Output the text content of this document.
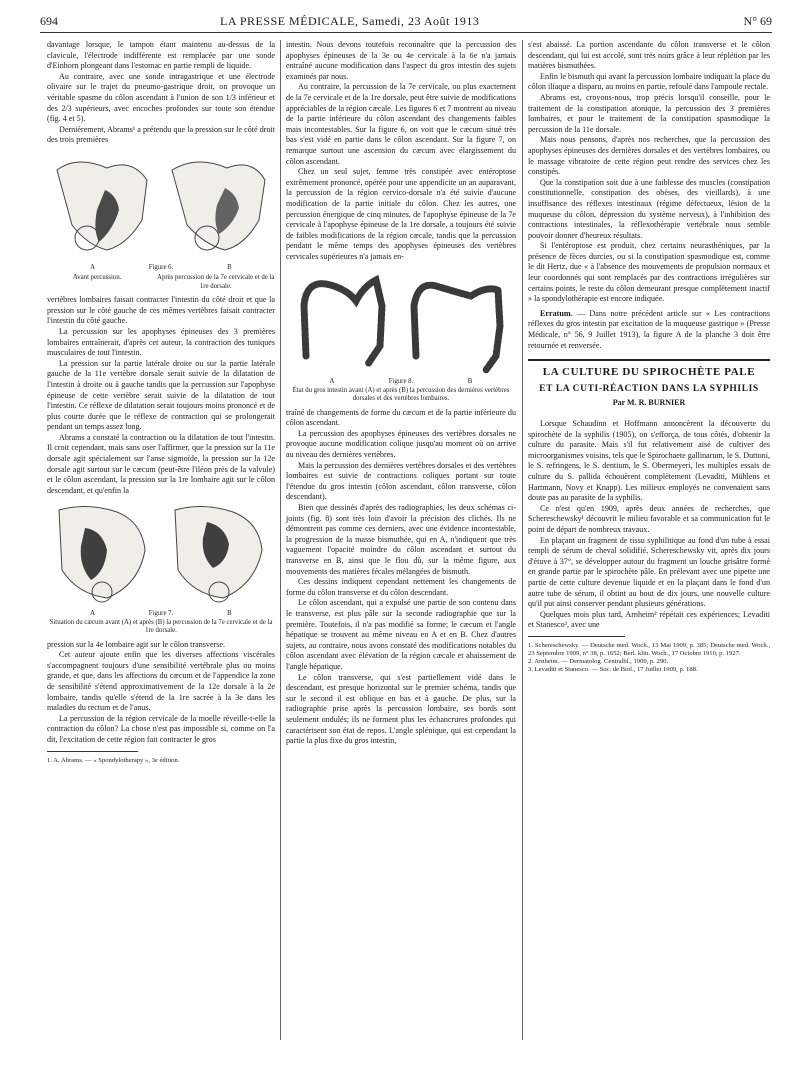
694	LA PRESSE MÉDICALE, Samedi, 23 Août 1913	N° 69

davantage lorsque, le tampon étant maintenu au-dessus de la clavicule, l'électrode indifférente est remplacée par une sonde d'Einhorn plongeant dans l'estomac en partie rempli de liquide.

Au contraire, avec une sonde intragastrique et une électrode olivaire sur le trajet du pneumo-gastrique droit, on provoque un véritable spasme du côlon ascendant à l'union de son 1/3 inférieur et des 2/3 supérieurs, avec encoches profondes sur toute son étendue (fig. 4 et 5).

Dernièrement, Abrams¹ a prétendu que la pression sur le côté droit des trois premières

A	Figure 6.	B
Avant percussion.	Après percussion de la 7e cervicale et de la 1re dorsale.

vertèbres lombaires faisait contracter l'intestin du côté droit et que la pression sur le côté gauche de ces mêmes vertèbres faisait contracter l'intestin du côté gauche.

La percussion sur les apophyses épineuses des 3 premières lombaires entraînerait, d'après cet auteur, la contraction des tuniques musculaires de tout l'intestin.

La pression sur la partie latérale droite ou sur la partie latérale gauche de la 11e vertèbre dorsale serait suivie de la dilatation de l'intestin à droite ou à gauche tandis que la percussion sur l'apophyse épineuse de cette vertèbre serait suivie de la dilatation de tout l'intestin. Ce réflexe de dilatation serait toujours moins prononcé et de plus courte durée que le réflexe de contraction qui se prolongerait pendant un temps assez long.

Abrams a constaté la contraction ou la dilatation de tout l'intestin. Il croit cependant, mais sans oser l'affirmer, que la pression sur la 11e dorsale agit spécialement sur l'anse sigmoïde, la pression sur la 12e dorsale agit surtout sur le cæcum (peut-être l'iléon près de la valvule) et le côlon ascendant, la pression sur la 1re lombaire agit sur le côlon descendant, et qu'enfin la

A	Figure 7.	B
Situation du cæcum avant (A) et après (B) la percussion de la 7e cervicale et de la 1re dorsale.

pression sur la 4e lombaire agit sur le côlon transverse.

Cet auteur ajoute enfin que les diverses affections viscérales s'accompagnent toujours d'une sensibilité vertébrale plus ou moins grande, et que, dans les affections du cæcum et de l'appendice la zone de sensibilité s'étend approximativement de la 12e dorsale à la 2e lombaire, tandis qu'elle s'étend de la 1re sacrée à la 3e dans les maladies du rectum et de l'anus.

La percussion de la région cervicale de la moelle réveille-t-elle la contraction du côlon? La chose n'est pas impossible si, comme on l'a dit, l'excitation de cette région fait contracter le gros

1. A. Abrams. — « Spondylotherapy », 3e édition.

intestin. Nous devons toutefois reconnaître que la percussion des apophyses épineuses de la 3e ou 4e cervicale à la 6e n'a jamais entraîné aucune modification dans l'aspect du gros intestin des sujets examinés par nous.

Au contraire, la percussion de la 7e cervicale, ou plus exactement de la 7e cervicale et de la 1re dorsale, peut être suivie de modifications appréciables de la région cæcale. Les figures 6 et 7 montrent au niveau de la partie inférieure du côlon ascendant des changements faibles mais incontestables. Sur la figure 6, on voit que le cæcum situé très bas s'est vidé en partie dans le côlon ascendant. Sur la figure 7, on remarque surtout une ascension du cæcum avec élargissement du côlon ascendant.

Chez un seul sujet, femme très constipée avec entéroptose extrêmement prononcé, opérée pour une appendicite un an auparavant, la percussion de la région cervico-dorsale n'a été suivie d'aucune modification de la partie initiale du côlon. Chez les autres, une percussion énergique de cinq minutes, de l'apophyse épineuse de la 7e cervicale à l'apophyse épineuse de la 1re dorsale, a toujours été suivie de faibles modifications de la région cæcale, tandis que la percussion pendant le même temps des apophyses épineuses des vertèbres cervicales supérieures n'a jamais en-

A	Figure 8.	B
État du gros intestin avant (A) et après (B) la percussion des dernières vertèbres dorsales et des vertèbres lombaires.

traîné de changements de forme du cæcum et de la partie inférieure du côlon ascendant.

La percussion des apophyses épineuses des vertèbres dorsales ne provoque aucune modification colique jusqu'au moment où on arrive au niveau des dernières vertèbres.

Mais la percussion des dernières vertèbres dorsales et des vertèbres lombaires est suivie de contractions coliques portant sur toute l'étendue du gros intestin (côlon ascendant, côlon transverse, côlon descendant).

Bien que dessinés d'après des radiographies, les deux schémas ci-joints (fig. 8) sont très loin d'avoir la précision des clichés. Ils ne démontrent pas comme ces derniers, avec une évidence incontestable, la progression de la masse bismuthée, qui en A, n'indiquent que très vaguement l'opacité moindre du côlon ascendant et surtout du transverse en B, ainsi que le flou dû, sur la même figure, aux mouvements des matières fécales mélangées de bismuth.

Ces dessins indiquent cependant nettement les changements de forme du côlon transverse et du côlon descendant.

Le côlon ascendant, qui a expulsé une partie de son contenu dans le transverse, est plus pâle sur la seconde radiographie que sur la première. Toutefois, il n'a pas modifié sa forme; le cæcum et l'angle hépatique se trouvent au même niveau en A et en B. Chez d'autres sujets, au contraire, nous avons constaté des modifications notables du côlon ascendant avec élévation de la région cæcale et abaissement de l'angle hépatique.

Le côlon transverse, qui s'est partiellement vidé dans le descendant, est presque horizontal sur le premier schéma, tandis que sur le second il est oblique en bas et à gauche. De plus, sur la radiographie prise après la percussion lombaire, ses bords sont seulement ondulés; ils ne forment plus les échancrures profondes qui caractérisent son état de repos. L'angle splénique, qui est cependant la partie la plus fixe du gros intestin,

s'est abaissé. La portion ascendante du côlon transverse et le côlon descendant, qui lui est accolé, sont très noirs grâce à leur réplétion par les matières bismuthées.

Enfin le bismuth qui avant la percussion lombaire indiquait la place du côlon iliaque a disparu, au moins en partie, refoulé dans l'ampoule rectale.

Abrams est, croyons-nous, trop précis lorsqu'il conseille, pour le traitement de la constipation atonique, la percussion des 3 premières lombaires, et pour le traitement de la constipation spasmodique la percussion de la 11e dorsale.

Mais nous pensons, d'après nos recherches, que la percussion des apophyses épineuses des dernières dorsales et des vertèbres lombaires, ou le massage vibratoire de cette région peut rendre des services chez les constipés.

Que la constipation soit due à une faiblesse des muscles (constipation constitutionnelle, constipation des obèses, des vieillards), à une insuffisance des réflexes intestinaux (régime défectueux, lésion de la muqueuse du côlon, dépression du système nerveux), à l'inhibition des contractions intestinales, la réflexothérapie vertébrale nous semble pouvoir donner d'heureux résultats.

Si l'entéroptose est produit, chez certains neurasthéniques, par la présence de fèces durcies, ou si la constipation spasmodique est, comme le dit Hertz, due « à l'absence des mouvements de propulsion normaux et leur coordonnés qui sont remplacés par des contractions irrégulières sur certains points, le reste du côlon demeurant presque complètement inactif » la spondylothérapie est encore indiquée.

Erratum. — Dans notre précédent article sur « Les contractions réflexes du gros intestin par excitation de la muqueuse gastrique » (Presse Médicale, n° 56, 9 Juillet 1913), la figure A de la planche 3 doit être retournée et renversée.

LA CULTURE DU SPIROCHÈTE PALE
ET LA CUTI-RÉACTION DANS LA SYPHILIS
Par M. R. BURNIER

Lorsque Schaudinn et Hoffmann annoncèrent la découverte du spirochète de la syphilis (1905), on s'efforça, de tous côtés, d'obtenir la culture du parasite. Mais s'il fut relativement aisé de cultiver des microorganismes voisins, tels que le Spirochaete gallinarum, le S. Duttoni, le S. refringens, le S. dentium, le S. Obermeyeri, les multiples essais de culture du S. pallida échouèrent complètement (Levaditi, Mühlens et Hartmann, Novy et Knapp). Les milieux employés ne convenaient sans doute pas au parasite de la syphilis.

Ce n'est qu'en 1909, après deux années de recherches, que Schereschewsky¹ découvrit le milieu favorable et sa communication fut le point de départ de nombreux travaux.

En plaçant un fragment de tissu syphilitique au fond d'un tube à essai rempli de sérum de cheval solidifié, Schereschewsky vit, après dix jours d'étuve à 37°, se développer autour du fragment un louche grisâtre formé en grande partie par le spirochète pâle. En prélevant avec une pipette une partie de cette culture devenue liquide et en la plaçant dans le fond d'un autre tube de sérum, il obtint au bout de dix jours, une nouvelle culture qu'il put ainsi conserver pendant plusieurs générations.

Quelques mois plus tard, Arnheim² répétait ces expériences; Levaditi et Stanesco³, avec une

1. Schereschewsky. — Deutsche med. Woch., 13 Mai 1909, p. 385; Deutsche med. Woch., 23 Septembre 1909, n° 38, p. 1652; Berl. klin. Woch., 17 Octobre 1910, p. 1927.
2. Arnheim. — Dermatolog. Centralbl., 1909, p. 290.
3. Levaditi et Stanesco. — Soc. de Biol., 17 Juillet 1909, p. 188.
